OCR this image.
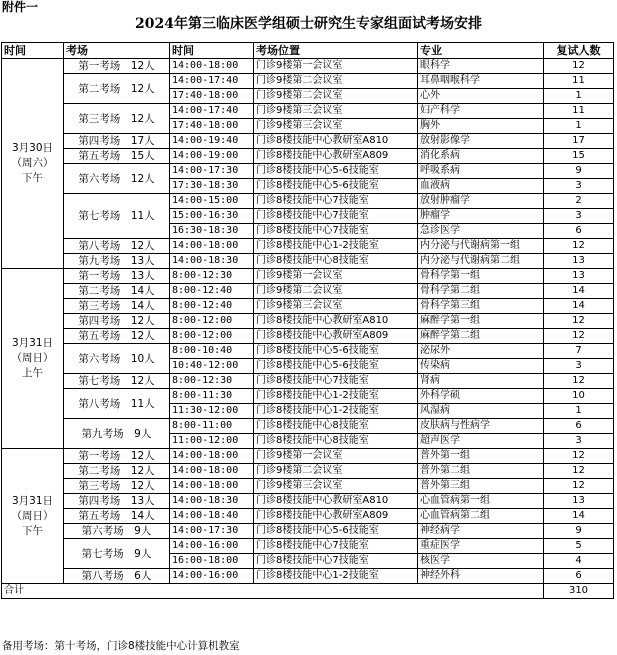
附件一
2024年第三临床医学组硕士研究生专家组面试考场安排
时间	考场	时间	考场位置	专业	复试人数

3月30日
（周六）
下午	第一考场  12人	14:00-18:00	门诊9楼第一会议室	眼科学	12
	第二考场  12人	14:00-17:40	门诊9楼第二会议室	耳鼻咽喉科学	11
		17:40-18:00	门诊9楼第二会议室	心外	1
	第三考场  12人	14:00-17:40	门诊9楼第三会议室	妇产科学	11
		17:40-18:00	门诊9楼第三会议室	胸外	1
	第四考场  17人	14:00-19:40	门诊8楼技能中心教研室A810	放射影像学	17
	第五考场  15人	14:00-19:00	门诊8楼技能中心教研室A809	消化系病	15
	第六考场  12人	14:00-17:30	门诊8楼技能中心5-6技能室	呼吸系病	9
		17:30-18:30	门诊8楼技能中心5-6技能室	血液病	3
	第七考场  11人	14:00-15:00	门诊8楼技能中心7技能室	放射肿瘤学	2
		15:00-16:30	门诊8楼技能中心7技能室	肿瘤学	3
		16:30-18:30	门诊8楼技能中心7技能室	急诊医学	6
	第八考场  12人	14:00-18:00	门诊8楼技能中心1-2技能室	内分泌与代谢病第一组	12
	第九考场  13人	14:00-18:30	门诊8楼技能中心8技能室	内分泌与代谢病第二组	13

3月31日
（周日）
上午	第一考场  13人	8:00-12:30	门诊9楼第一会议室	骨科学第一组	13
	第二考场  14人	8:00-12:40	门诊9楼第二会议室	骨科学第二组	14
	第三考场  14人	8:00-12:40	门诊9楼第三会议室	骨科学第三组	14
	第四考场  12人	8:00-12:00	门诊8楼技能中心教研室A810	麻醉学第一组	12
	第五考场  12人	8:00-12:00	门诊8楼技能中心教研室A809	麻醉学第二组	12
	第六考场  10人	8:00-10:40	门诊8楼技能中心5-6技能室	泌尿外	7
		10:40-12:00	门诊8楼技能中心5-6技能室	传染病	3
	第七考场  12人	8:00-12:30	门诊8楼技能中心7技能室	肾病	12
	第八考场  11人	8:00-11:30	门诊8楼技能中心1-2技能室	外科学硕	10
		11:30-12:00	门诊8楼技能中心1-2技能室	风湿病	1
	第九考场  9人	8:00-11:00	门诊8楼技能中心8技能室	皮肤病与性病学	6
		11:00-12:00	门诊8楼技能中心8技能室	超声医学	3

3月31日
（周日）
下午	第一考场  12人	14:00-18:00	门诊9楼第一会议室	普外第一组	12
	第二考场  12人	14:00-18:00	门诊9楼第二会议室	普外第二组	12
	第三考场  12人	14:00-18:00	门诊9楼第三会议室	普外第三组	12
	第四考场  13人	14:00-18:30	门诊8楼技能中心教研室A810	心血管病第一组	13
	第五考场  14人	14:00-18:40	门诊8楼技能中心教研室A809	心血管病第二组	14
	第六考场  9人	14:00-17:30	门诊8楼技能中心5-6技能室	神经病学	9
	第七考场  9人	14:00-16:00	门诊8楼技能中心7技能室	重症医学	5
		16:00-18:00	门诊8楼技能中心7技能室	核医学	4
	第八考场  6人	14:00-16:00	门诊8楼技能中心1-2技能室	神经外科	6
合计					310
备用考场：第十考场，门诊8楼技能中心计算机教室
